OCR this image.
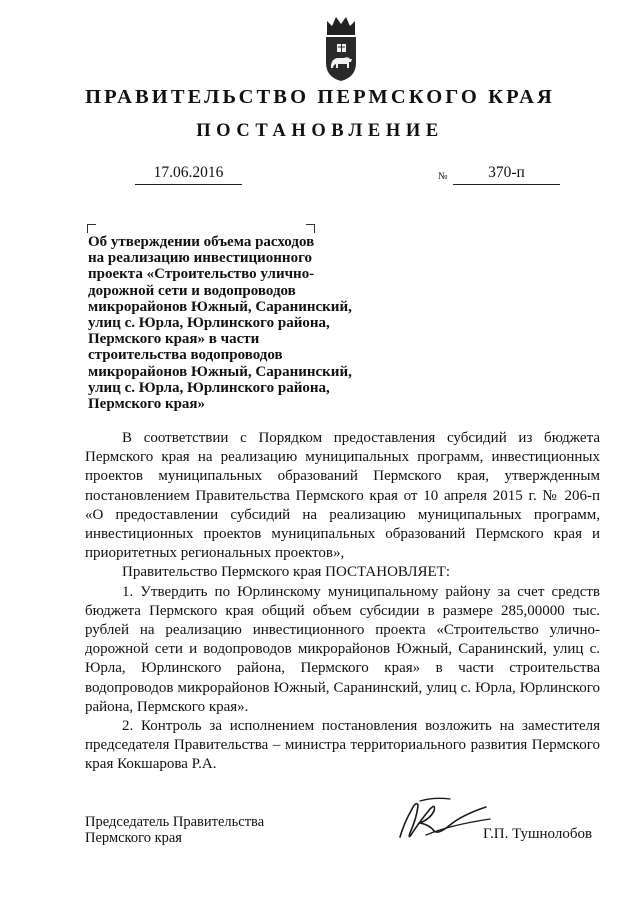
ПРАВИТЕЛЬСТВО ПЕРМСКОГО КРАЯ
ПОСТАНОВЛЕНИЕ
17.06.2016	№	370-п
Об утверждении объема расходов
на реализацию инвестиционного
проекта «Строительство улично-
дорожной сети и водопроводов
микрорайонов Южный, Саранинский,
улиц с. Юрла, Юрлинского района,
Пермского края» в части
строительства водопроводов
микрорайонов Южный, Саранинский,
улиц с. Юрла, Юрлинского района,
Пермского края»

В соответствии с Порядком предоставления субсидий из бюджета Пермского края на реализацию муниципальных программ, инвестиционных проектов муниципальных образований Пермского края, утвержденным постановлением Правительства Пермского края от 10 апреля 2015 г. № 206-п «О предоставлении субсидий на реализацию муниципальных программ, инвестиционных проектов муниципальных образований Пермского края и приоритетных региональных проектов»,

Правительство Пермского края ПОСТАНОВЛЯЕТ:

1. Утвердить по Юрлинскому муниципальному району за счет средств бюджета Пермского края общий объем субсидии в размере 285,00000 тыс. рублей на реализацию инвестиционного проекта «Строительство улично-дорожной сети и водопроводов микрорайонов Южный, Саранинский, улиц с. Юрла, Юрлинского района, Пермского края» в части строительства водопроводов микрорайонов Южный, Саранинский, улиц с. Юрла, Юрлинского района, Пермского края».

2. Контроль за исполнением постановления возложить на заместителя председателя Правительства – министра территориального развития Пермского края Кокшарова Р.А.

Председатель Правительства
Пермского края	Г.П. Тушнолобов
